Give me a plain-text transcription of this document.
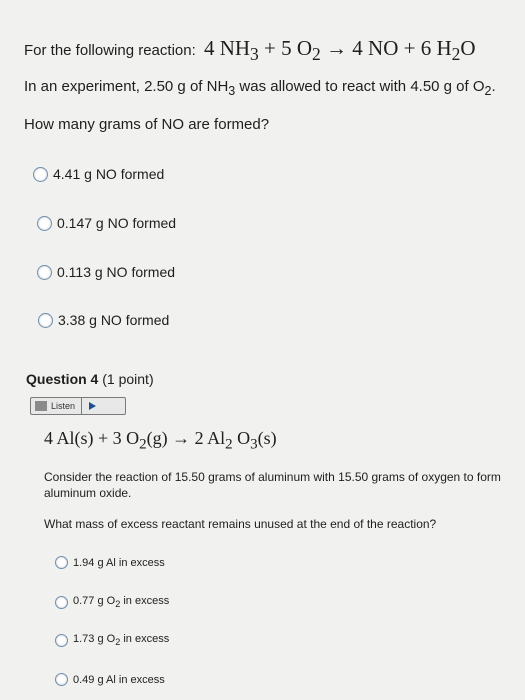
For the following reaction: 4 $NH_3 + 5$ $O_2 \to 4$ NO + 6 $H_2O$
In an experiment, 2.50 g of $NH_3$ was allowed to react with 4.50 g of $O_2$.
How many grams of NO are formed?
4.41 g NO formed
0.147 g NO formed
0.113 g NO formed
3.38 g NO formed
Question 4 (1 point)
Listen
4 Al(s) + 3 $O_2(g) \to 2$ $Al_2$ $O_3(s)$
Consider the reaction of 15.50 grams of aluminum with 15.50 grams of oxygen to form aluminum oxide.
What mass of excess reactant remains unused at the end of the reaction?
1.94 g Al in excess
0.77 g $O_2$ in excess
1.73 g $O_2$ in excess
0.49 g Al in excess
